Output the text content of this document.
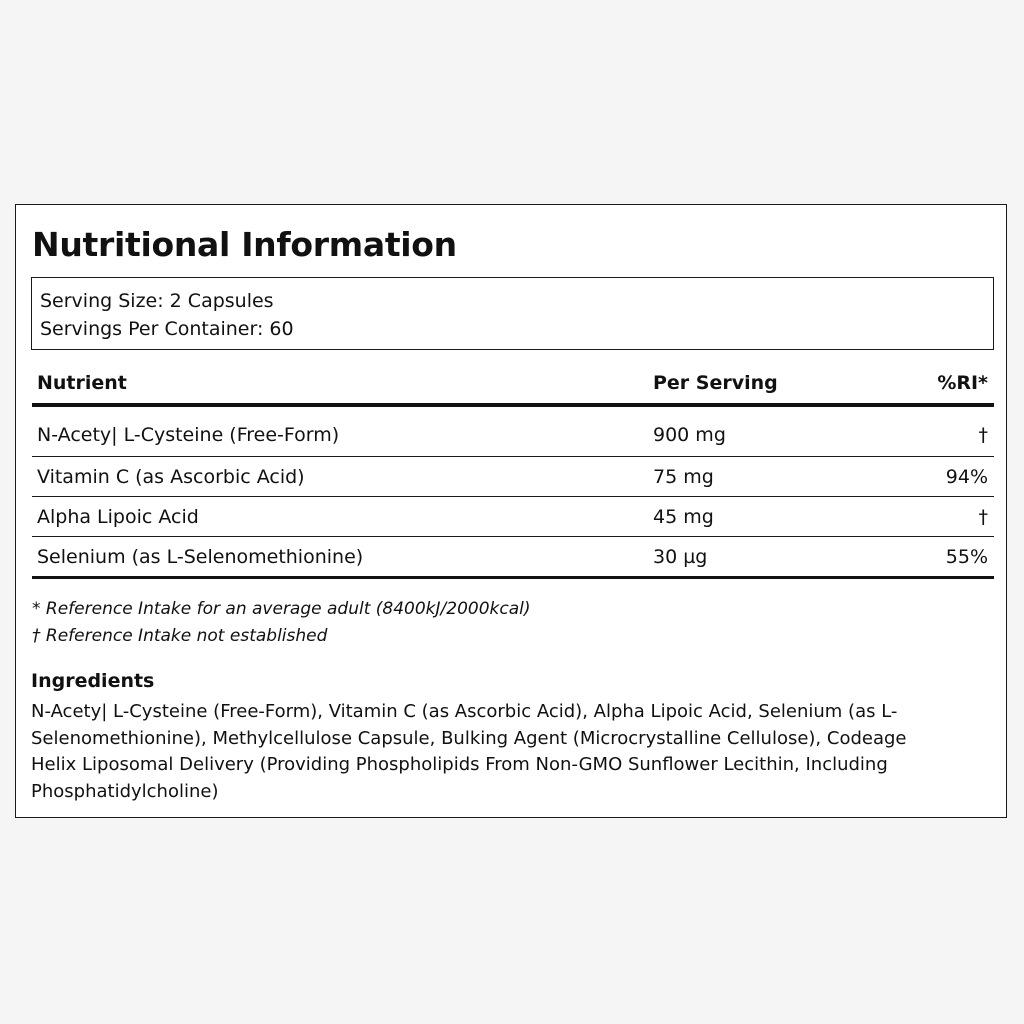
Nutritional Information
Serving Size: 2 Capsules
Servings Per Container: 60
Nutrient	Per Serving	%RI*
N-Acety| L-Cysteine (Free-Form)	900 mg	†
Vitamin C (as Ascorbic Acid)	75 mg	94%
Alpha Lipoic Acid	45 mg	†
Selenium (as L-Selenomethionine)	30 µg	55%
* Reference Intake for an average adult (8400kJ/2000kcal)
† Reference Intake not established
Ingredients

N-Acety| L-Cysteine (Free-Form), Vitamin C (as Ascorbic Acid), Alpha Lipoic Acid, Selenium (as L-Selenomethionine), Methylcellulose Capsule, Bulking Agent (Microcrystalline Cellulose), Codeage Helix Liposomal Delivery (Providing Phospholipids From Non-GMO Sunflower Lecithin, Including Phosphatidylcholine)
